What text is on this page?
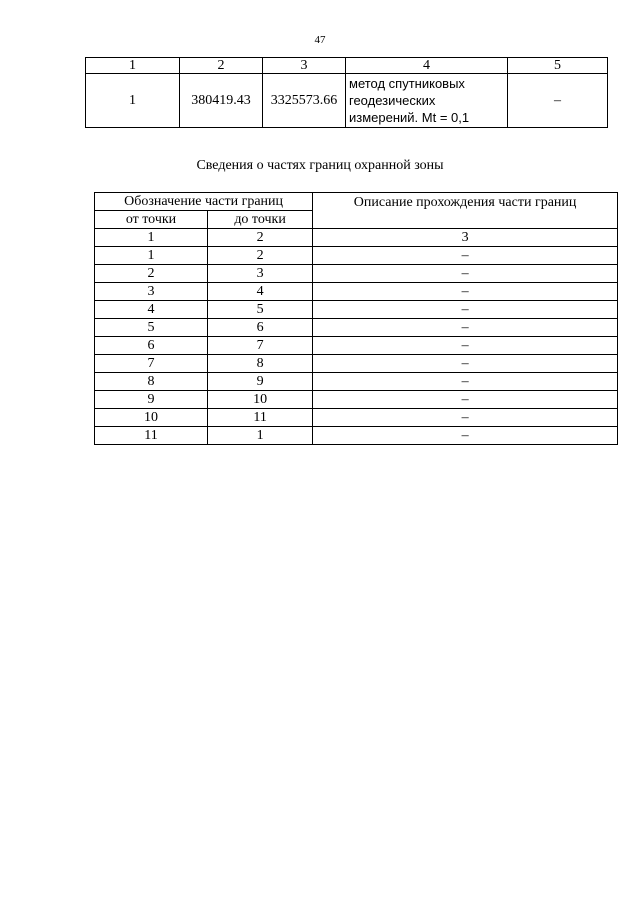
47
1	2	3	4	5
1	380419.43	3325573.66	метод спутниковых геодезических измерений. Mt = 0,1	–
Сведения о частях границ охранной зоны
Обозначение части границ		Описание прохождения части границ
от точки	до точки	
1	2	3
1	2	–
2	3	–
3	4	–
4	5	–
5	6	–
6	7	–
7	8	–
8	9	–
9	10	–
10	11	–
11	1	–
